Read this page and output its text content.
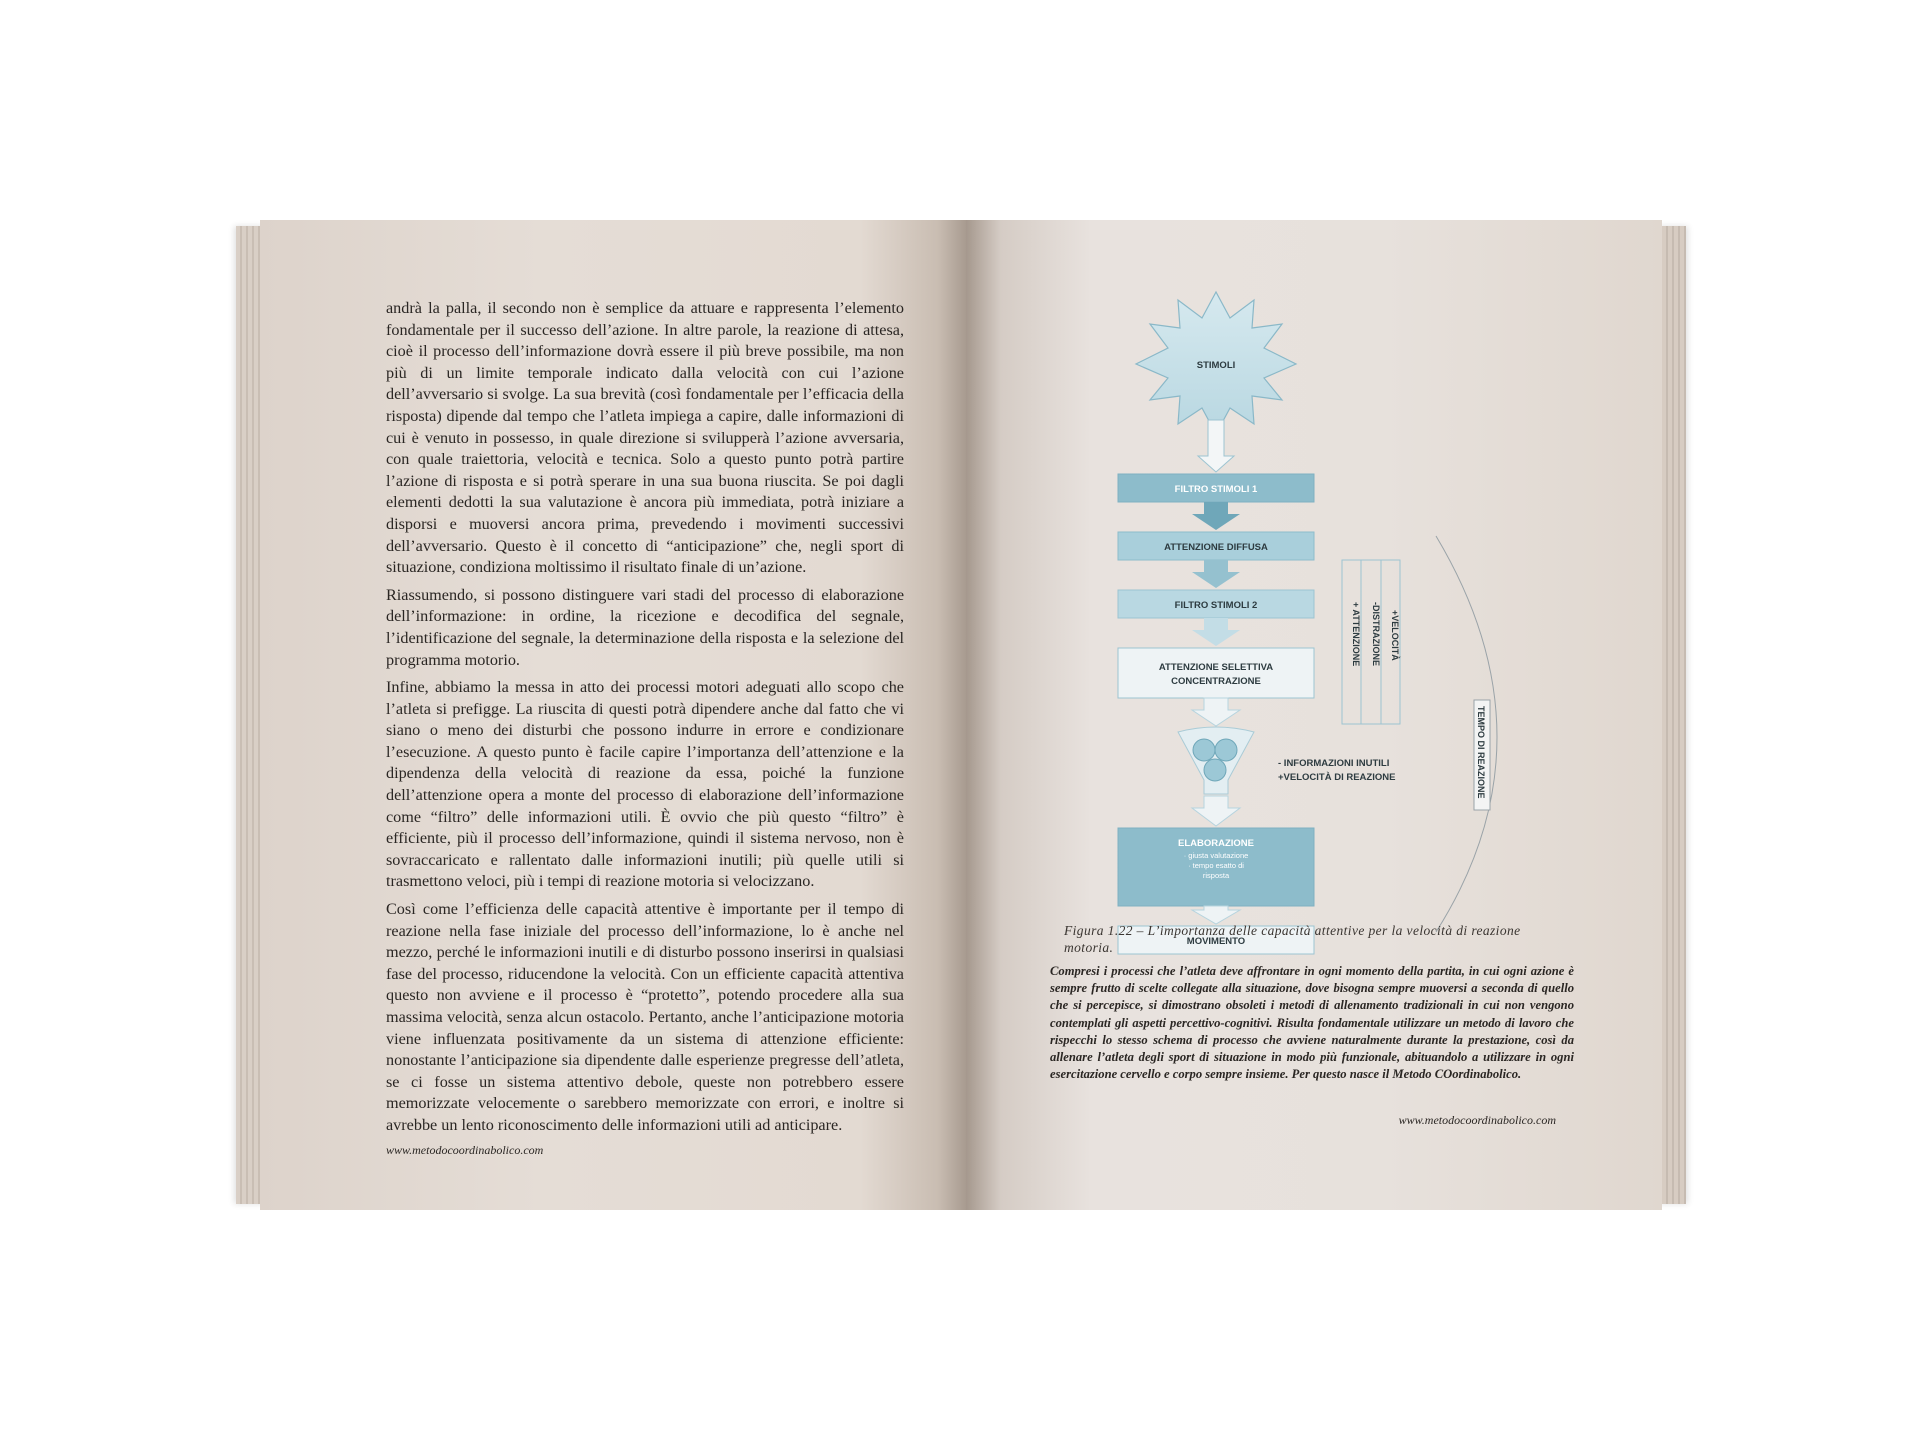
andrà la palla, il secondo non è semplice da attuare e rappresenta l’elemento fondamentale per il successo dell’azione. In altre parole, la reazione di attesa, cioè il processo dell’informazione dovrà essere il più breve possibile, ma non più di un limite temporale indicato dalla velocità con cui l’azione dell’avversario si svolge. La sua brevità (così fondamentale per l’efficacia della risposta) dipende dal tempo che l’atleta impiega a capire, dalle informazioni di cui è venuto in possesso, in quale direzione si svilupperà l’azione avversaria, con quale traiettoria, velocità e tecnica. Solo a questo punto potrà partire l’azione di risposta e si potrà sperare in una sua buona riuscita. Se poi dagli elementi dedotti la sua valutazione è ancora più immediata, potrà iniziare a disporsi e muoversi ancora prima, prevedendo i movimenti successivi dell’avversario. Questo è il concetto di “anticipazione” che, negli sport di situazione, condiziona moltissimo il risultato finale di un’azione.

Riassumendo, si possono distinguere vari stadi del processo di elaborazione dell’informazione: in ordine, la ricezione e decodifica del segnale, l’identificazione del segnale, la determinazione della risposta e la selezione del programma motorio.

Infine, abbiamo la messa in atto dei processi motori adeguati allo scopo che l’atleta si prefigge. La riuscita di questi potrà dipendere anche dal fatto che vi siano o meno dei disturbi che possono indurre in errore e condizionare l’esecuzione. A questo punto è facile capire l’importanza dell’attenzione e la dipendenza della velocità di reazione da essa, poiché la funzione dell’attenzione opera a monte del processo di elaborazione dell’informazione come “filtro” delle informazioni utili. È ovvio che più questo “filtro” è efficiente, più il processo dell’informazione, quindi il sistema nervoso, non è sovraccaricato e rallentato dalle informazioni inutili; più quelle utili si trasmettono veloci, più i tempi di reazione motoria si velocizzano.

Così come l’efficienza delle capacità attentive è importante per il tempo di reazione nella fase iniziale del processo dell’informazione, lo è anche nel mezzo, perché le informazioni inutili e di disturbo possono inserirsi in qualsiasi fase del processo, riducendone la velocità. Con un efficiente capacità attentiva questo non avviene e il processo è “protetto”, potendo procedere alla sua massima velocità, senza alcun ostacolo. Pertanto, anche l’anticipazione motoria viene influenzata positivamente da un sistema di attenzione efficiente: nonostante l’anticipazione sia dipendente dalle esperienze pregresse dell’atleta, se ci fosse un sistema attentivo debole, queste non potrebbero essere memorizzate velocemente o sarebbero memorizzate con errori, e inoltre si avrebbe un lento riconoscimento delle informazioni utili ad anticipare.

www.metodocoordinabolico.com
STIMOLI
FILTRO STIMOLI 1
ATTENZIONE DIFFUSA
FILTRO STIMOLI 2
ATTENZIONE SELETTIVA
CONCENTRAZIONE
- INFORMAZIONI INUTILI
+VELOCITÀ DI REAZIONE
ELABORAZIONE
· giusta valutazione
· tempo esatto di
risposta
MOVIMENTO
+VELOCITÀ
-DISTRAZIONE
+ ATTENZIONE
TEMPO DI REAZIONE
Figura 1.22 – L’importanza delle capacità attentive per la velocità di reazione motoria.
Compresi i processi che l’atleta deve affrontare in ogni momento della partita, in cui ogni azione è sempre frutto di scelte collegate alla situazione, dove bisogna sempre muoversi a seconda di quello che si percepisce, si dimostrano obsoleti i metodi di allenamento tradizionali in cui non vengono contemplati gli aspetti percettivo-cognitivi. Risulta fondamentale utilizzare un metodo di lavoro che rispecchi lo stesso schema di processo che avviene naturalmente durante la prestazione, così da allenare l’atleta degli sport di situazione in modo più funzionale, abituandolo a utilizzare in ogni esercitazione cervello e corpo sempre insieme. Per questo nasce il Metodo COordinabolico.
www.metodocoordinabolico.com
